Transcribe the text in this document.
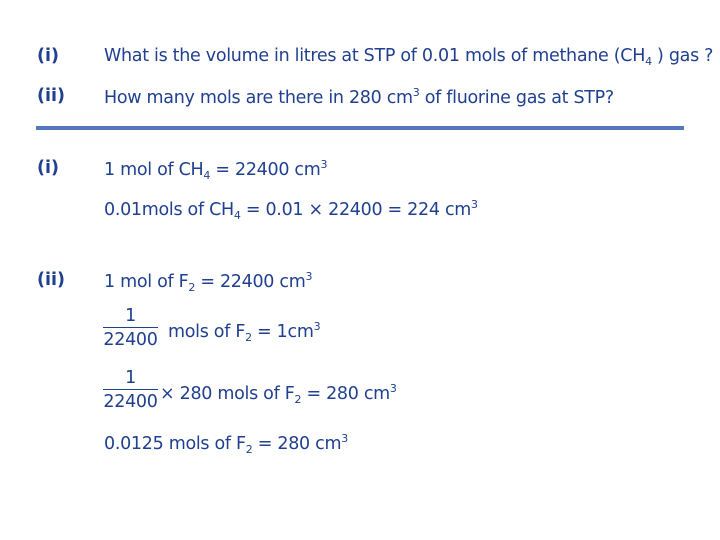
(i)	What is the volume in litres at STP of 0.01 mols of methane ($CH_4$ ) gas ?
(ii) How many mols are there in 280 $cm^3$ of fluorine gas at STP?
(i)	1 mol of $CH_4 = 22400$ $cm^3$
0.01mols of $CH_4 = 0.01 \times 22400 = 224$ $cm^3$
(ii) 1 mol of $F_2 = 22400$ $cm^3$
$\frac{1}{22400}$ mols of $F_2 = 1cm^3$
$\frac{1}{22400} \times 280$ mols of $F_2 = 280$ $cm^3$
0.0125 mols of $F_2 = 280$ $cm^3$
